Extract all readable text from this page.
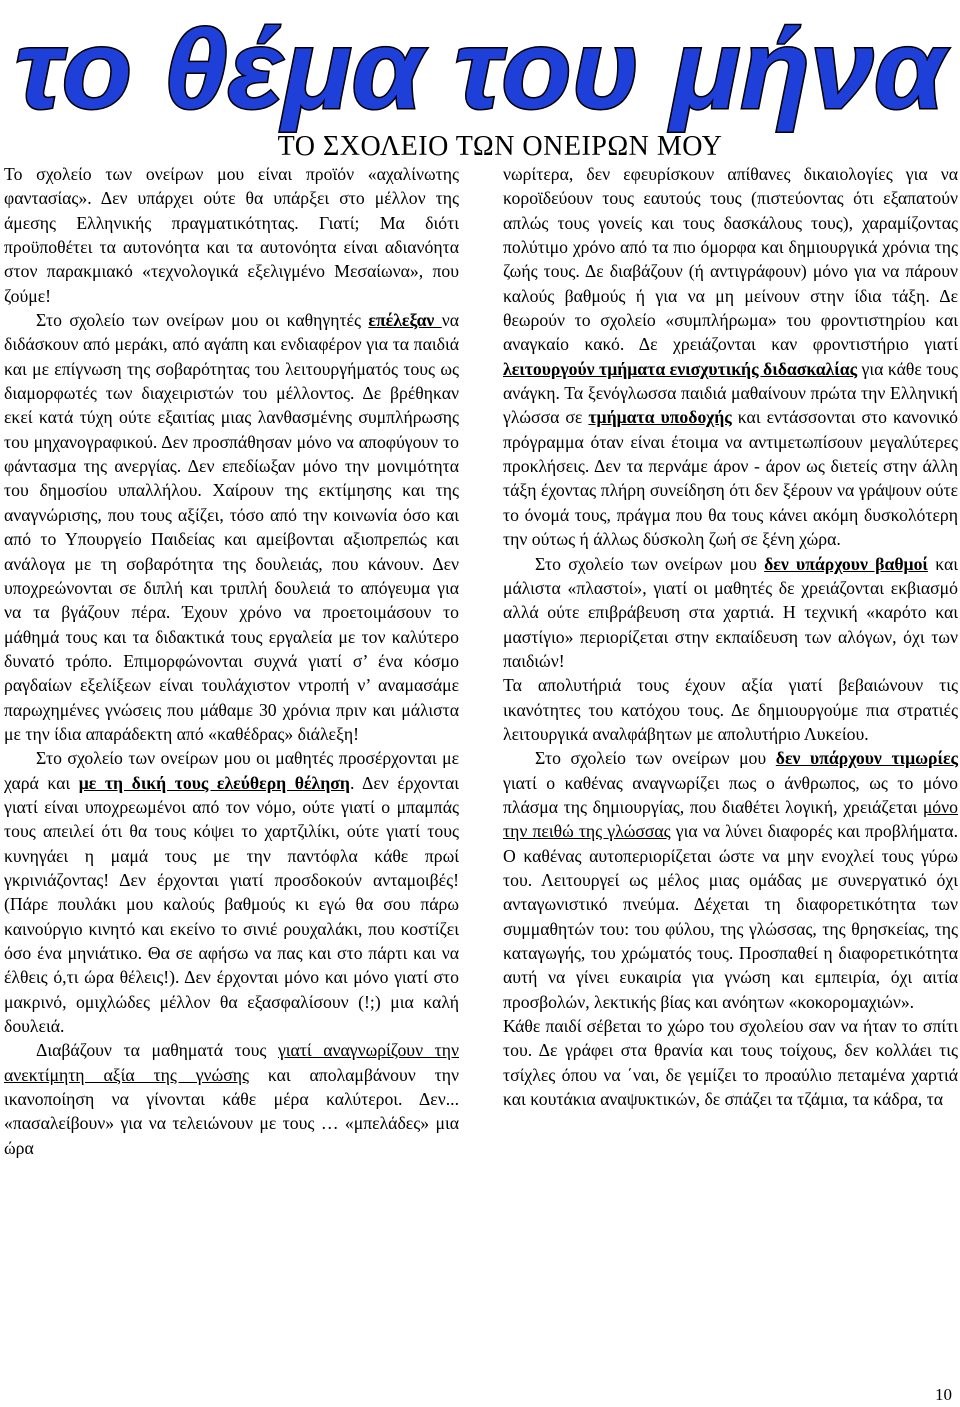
το θέμα του μήνα
ΤΟ ΣΧΟΛΕΙΟ ΤΩΝ ΟΝΕΙΡΩΝ ΜΟΥ

Το σχολείο των ονείρων μου είναι προϊόν «αχαλίνωτης φαντασίας». Δεν υπάρχει ούτε θα υπάρξει στο μέλλον της άμεσης Ελληνικής πραγματικότητας. Γιατί; Μα διότι προϋποθέτει τα αυτονόητα και τα αυτονόητα είναι αδιανόητα στον παρακμιακό «τεχνολογικά εξελιγμένο Μεσαίωνα», που ζούμε!

Στο σχολείο των ονείρων μου οι καθηγητές επέλεξαν να διδάσκουν από μεράκι, από αγάπη και ενδιαφέρον για τα παιδιά και με επίγνωση της σοβαρότητας του λειτουργήματός τους ως διαμορφωτές των διαχειριστών του μέλλοντος. Δε βρέθηκαν εκεί κατά τύχη ούτε εξαιτίας μιας λανθασμένης συμπλήρωσης του μηχανογραφικού. Δεν προσπάθησαν μόνο να αποφύγουν το φάντασμα της ανεργίας. Δεν επεδίωξαν μόνο την μονιμότητα του δημοσίου υπαλλήλου. Χαίρουν της εκτίμησης και της αναγνώρισης, που τους αξίζει, τόσο από την κοινωνία όσο και από το Υπουργείο Παιδείας και αμείβονται αξιοπρεπώς και ανάλογα με τη σοβαρότητα της δουλειάς, που κάνουν. Δεν υποχρεώνονται σε διπλή και τριπλή δουλειά το απόγευμα για να τα βγάζουν πέρα. Έχουν χρόνο να προετοιμάσουν το μάθημά τους και τα διδακτικά τους εργαλεία με τον καλύτερο δυνατό τρόπο. Επιμορφώνονται συχνά γιατί σ’ ένα κόσμο ραγδαίων εξελίξεων είναι τουλάχιστον ντροπή ν’ αναμασάμε παρωχημένες γνώσεις που μάθαμε 30 χρόνια πριν και μάλιστα με την ίδια απαράδεκτη από «καθέδρας» διάλεξη!

Στο σχολείο των ονείρων μου οι μαθητές προσέρχονται με χαρά και με τη δική τους ελεύθερη θέληση. Δεν έρχονται γιατί είναι υποχρεωμένοι από τον νόμο, ούτε γιατί ο μπαμπάς τους απειλεί ότι θα τους κόψει το χαρτζιλίκι, ούτε γιατί τους κυνηγάει η μαμά τους με την παντόφλα κάθε πρωί γκρινιάζοντας! Δεν έρχονται γιατί προσδοκούν ανταμοιβές! (Πάρε πουλάκι μου καλούς βαθμούς κι εγώ θα σου πάρω καινούργιο κινητό και εκείνο το σινιέ ρουχαλάκι, που κοστίζει όσο ένα μηνιάτικο. Θα σε αφήσω να πας και στο πάρτι και να έλθεις ό,τι ώρα θέλεις!). Δεν έρχονται μόνο και μόνο γιατί στο μακρινό, ομιχλώδες μέλλον θα εξασφαλίσουν (!;) μια καλή δουλειά.

Διαβάζουν τα μαθηματά τους γιατί αναγνωρίζουν την ανεκτίμητη αξία της γνώσης και απολαμβάνουν την ικανοποίηση να γίνονται κάθε μέρα καλύτεροι. Δεν... «πασαλείβουν» για να τελειώνουν με τους … «μπελάδες» μια ώρα

νωρίτερα, δεν εφευρίσκουν απίθανες δικαιολογίες για να κοροϊδεύουν τους εαυτούς τους (πιστεύοντας ότι εξαπατούν απλώς τους γονείς και τους δασκάλους τους), χαραμίζοντας πολύτιμο χρόνο από τα πιο όμορφα και δημιουργικά χρόνια της ζωής τους. Δε διαβάζουν (ή αντιγράφουν) μόνο για να πάρουν καλούς βαθμούς ή για να μη μείνουν στην ίδια τάξη. Δε θεωρούν το σχολείο «συμπλήρωμα» του φροντιστηρίου και αναγκαίο κακό. Δε χρειάζονται καν φροντιστήριο γιατί λειτουργούν τμήματα ενισχυτικής διδασκαλίας για κάθε τους ανάγκη. Τα ξενόγλωσσα παιδιά μαθαίνουν πρώτα την Ελληνική γλώσσα σε τμήματα υποδοχής και εντάσσονται στο κανονικό πρόγραμμα όταν είναι έτοιμα να αντιμετωπίσουν μεγαλύτερες προκλήσεις. Δεν τα περνάμε άρον - άρον ως διετείς στην άλλη τάξη έχοντας πλήρη συνείδηση ότι δεν ξέρουν να γράψουν ούτε το όνομά τους, πράγμα που θα τους κάνει ακόμη δυσκολότερη την ούτως ή άλλως δύσκολη ζωή σε ξένη χώρα.

Στο σχολείο των ονείρων μου δεν υπάρχουν βαθμοί και μάλιστα «πλαστοί», γιατί οι μαθητές δε χρειάζονται εκβιασμό αλλά ούτε επιβράβευση στα χαρτιά. Η τεχνική «καρότο και μαστίγιο» περιορίζεται στην εκπαίδευση των αλόγων, όχι των παιδιών!

Τα απολυτήριά τους έχουν αξία γιατί βεβαιώνουν τις ικανότητες του κατόχου τους. Δε δημιουργούμε πια στρατιές λειτουργικά αναλφάβητων με απολυτήριο Λυκείου.

Στο σχολείο των ονείρων μου δεν υπάρχουν τιμωρίες γιατί ο καθένας αναγνωρίζει πως ο άνθρωπος, ως το μόνο πλάσμα της δημιουργίας, που διαθέτει λογική, χρειάζεται μόνο την πειθώ της γλώσσας για να λύνει διαφορές και προβλήματα. Ο καθένας αυτοπεριορίζεται ώστε να μην ενοχλεί τους γύρω του. Λειτουργεί ως μέλος μιας ομάδας με συνεργατικό όχι ανταγωνιστικό πνεύμα. Δέχεται τη διαφορετικότητα των συμμαθητών του: του φύλου, της γλώσσας, της θρησκείας, της καταγωγής, του χρώματός τους. Προσπαθεί η διαφορετικότητα αυτή να γίνει ευκαιρία για γνώση και εμπειρία, όχι αιτία προσβολών, λεκτικής βίας και ανόητων «κοκορομαχιών».

Κάθε παιδί σέβεται το χώρο του σχολείου σαν να ήταν το σπίτι του. Δε γράφει στα θρανία και τους τοίχους, δεν κολλάει τις τσίχλες όπου να ΄ναι, δε γεμίζει το προαύλιο πεταμένα χαρτιά και κουτάκια αναψυκτικών, δε σπάζει τα τζάμια, τα κάδρα, τα

10
